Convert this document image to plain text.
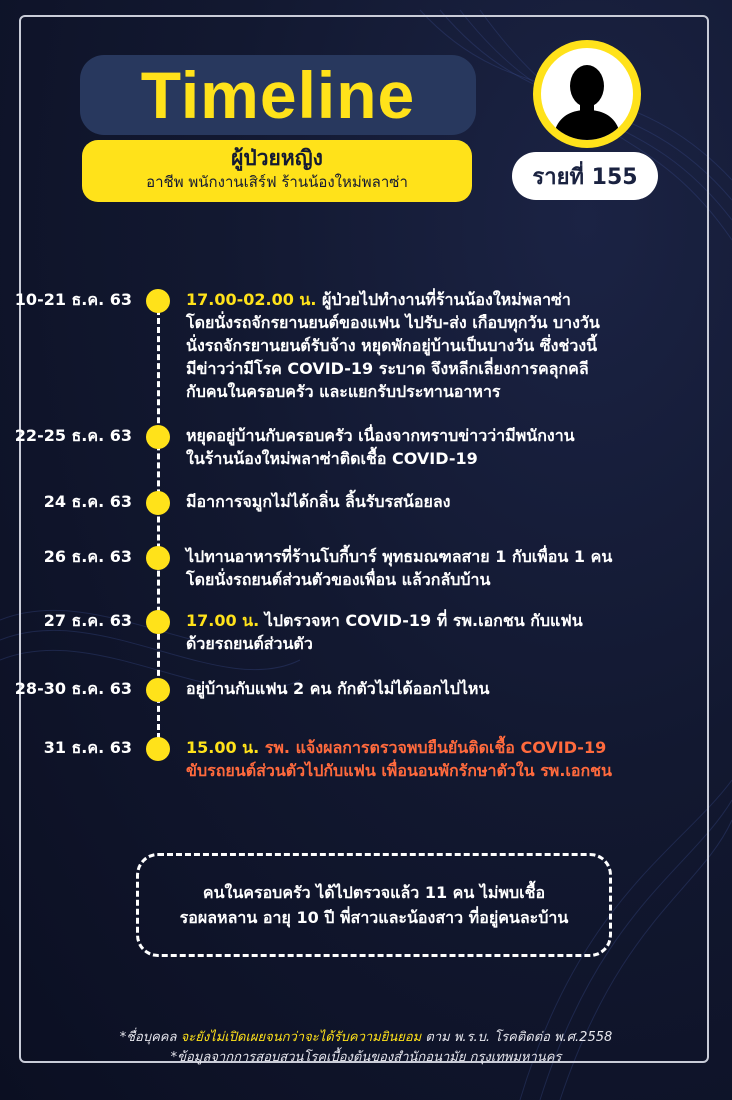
Timeline
ผู้ป่วยหญิง
อาชีพ พนักงานเสิร์ฟ ร้านน้องใหม่พลาซ่า	รายที่ 155
10-21 ธ.ค. 63	17.00-02.00 น. ผู้ป่วยไปทำงานที่ร้านน้องใหม่พลาซ่า
โดยนั่งรถจักรยานยนต์ของแฟน ไปรับ-ส่ง เกือบทุกวัน บางวัน
นั่งรถจักรยานยนต์รับจ้าง หยุดพักอยู่บ้านเป็นบางวัน ซึ่งช่วงนี้
มีข่าวว่ามีโรค COVID-19 ระบาด จึงหลีกเลี่ยงการคลุกคลี
กับคนในครอบครัว และแยกรับประทานอาหาร
22-25 ธ.ค. 63	หยุดอยู่บ้านกับครอบครัว เนื่องจากทราบข่าวว่ามีพนักงาน
ในร้านน้องใหม่พลาซ่าติดเชื้อ COVID-19
24 ธ.ค. 63	มีอาการจมูกไม่ได้กลิ่น ลิ้นรับรสน้อยลง
26 ธ.ค. 63	ไปทานอาหารที่ร้านโบกี้บาร์ พุทธมณฑลสาย 1 กับเพื่อน 1 คน
โดยนั่งรถยนต์ส่วนตัวของเพื่อน แล้วกลับบ้าน
27 ธ.ค. 63	17.00 น. ไปตรวจหา COVID-19 ที่ รพ.เอกชน กับแฟน
ด้วยรถยนต์ส่วนตัว
28-30 ธ.ค. 63	อยู่บ้านกับแฟน 2 คน กักตัวไม่ได้ออกไปไหน
31 ธ.ค. 63	15.00 น. รพ. แจ้งผลการตรวจพบยืนยันติดเชื้อ COVID-19
ขับรถยนต์ส่วนตัวไปกับแฟน เพื่อนอนพักรักษาตัวใน รพ.เอกชน
คนในครอบครัว ได้ไปตรวจแล้ว 11 คน ไม่พบเชื้อ
รอผลหลาน อายุ 10 ปี พี่สาวและน้องสาว ที่อยู่คนละบ้าน
*ชื่อบุคคล จะยังไม่เปิดเผยจนกว่าจะได้รับความยินยอม ตาม พ.ร.บ. โรคติดต่อ พ.ศ.2558
*ข้อมูลจากการสอบสวนโรคเบื้องต้นของสำนักอนามัย กรุงเทพมหานคร
